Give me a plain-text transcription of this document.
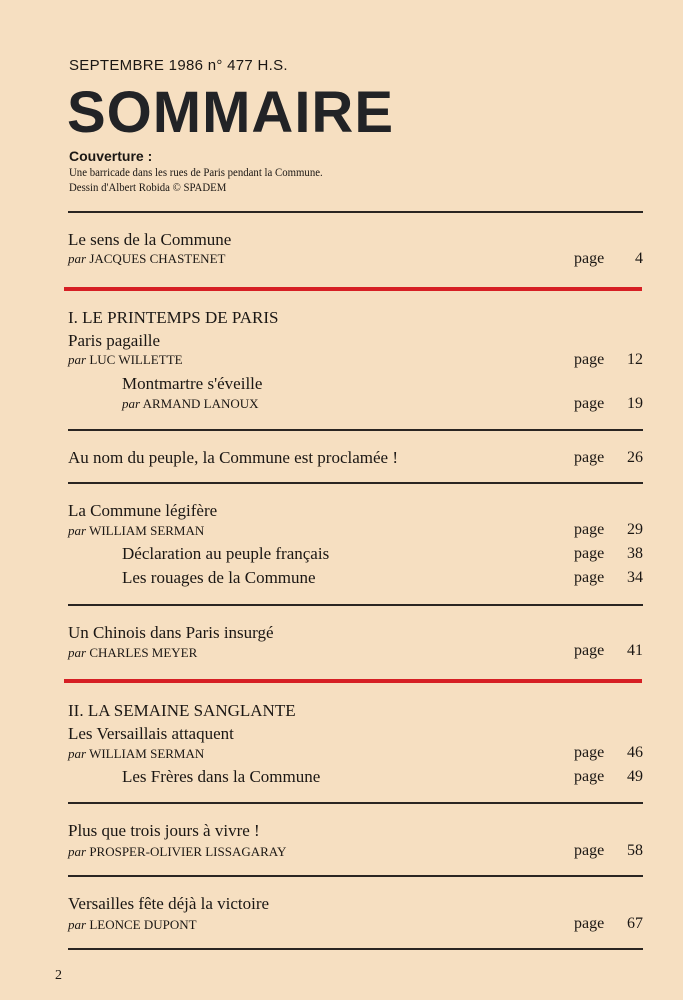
SEPTEMBRE 1986 n° 477 H.S.
SOMMAIRE
Couverture :
Une barricade dans les rues de Paris pendant la Commune.
Dessin d'Albert Robida © SPADEM
Le sens de la Commune
par JACQUES CHASTENET	page 4
I. LE PRINTEMPS DE PARIS
Paris pagaille
par LUC WILLETTE	page 12
Montmartre s'éveille
par ARMAND LANOUX	page 19
Au nom du peuple, la Commune est proclamée !	page 26
La Commune légifère
par WILLIAM SERMAN	page 29
Déclaration au peuple français	page 38
Les rouages de la Commune	page 34
Un Chinois dans Paris insurgé
par CHARLES MEYER	page 41
II. LA SEMAINE SANGLANTE
Les Versaillais attaquent
par WILLIAM SERMAN	page 46
Les Frères dans la Commune	page 49
Plus que trois jours à vivre !
par PROSPER-OLIVIER LISSAGARAY	page 58
Versailles fête déjà la victoire
par LEONCE DUPONT	page 67
2
